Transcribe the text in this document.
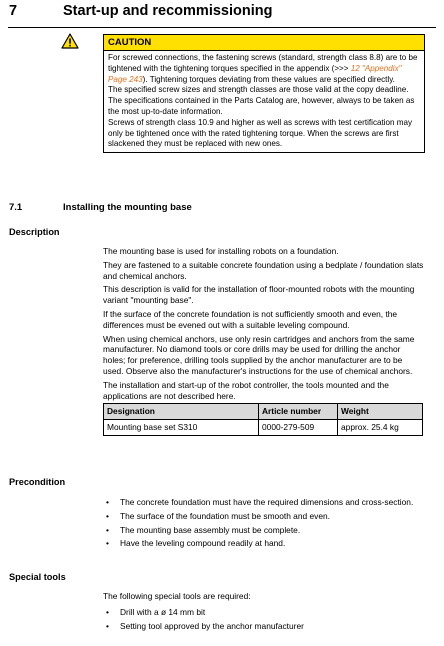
7	Start-up and recommissioning
CAUTION

For screwed connections, the fastening screws (standard, strength class 8.8) are to be tightened with the tightening torques specified in the appendix (>>> 12 "Appendix" Page 243). Tightening torques deviating from these values are specified directly.

The specified screw sizes and strength classes are those valid at the copy deadline. The specifications contained in the Parts Catalog are, however, always to be taken as the most up-to-date information.

Screws of strength class 10.9 and higher as well as screws with test certification may only be tightened once with the rated tightening torque. When the screws are first slackened they must be replaced with new ones.

7.1	Installing the mounting base
Description

The mounting base is used for installing robots on a foundation.

They are fastened to a suitable concrete foundation using a bedplate / foundation slats and chemical anchors.

This description is valid for the installation of floor-mounted robots with the mounting variant "mounting base".

If the surface of the concrete foundation is not sufficiently smooth and even, the differences must be evened out with a suitable leveling compound.

When using chemical anchors, use only resin cartridges and anchors from the same manufacturer. No diamond tools or core drills may be used for drilling the anchor holes; for preference, drilling tools supplied by the anchor manufacturer are to be used. Observe also the manufacturer's instructions for the use of chemical anchors.

The installation and start-up of the robot controller, the tools mounted and the applications are not described here.

Designation	Article number	Weight
Mounting base set S310	0000-279-509	approx. 25.4 kg
Precondition
• The concrete foundation must have the required dimensions and cross-section.
• The surface of the foundation must be smooth and even.
• The mounting base assembly must be complete.
• Have the leveling compound readily at hand.
Special tools

The following special tools are required:

• Drill with a ø 14 mm bit
• Setting tool approved by the anchor manufacturer
